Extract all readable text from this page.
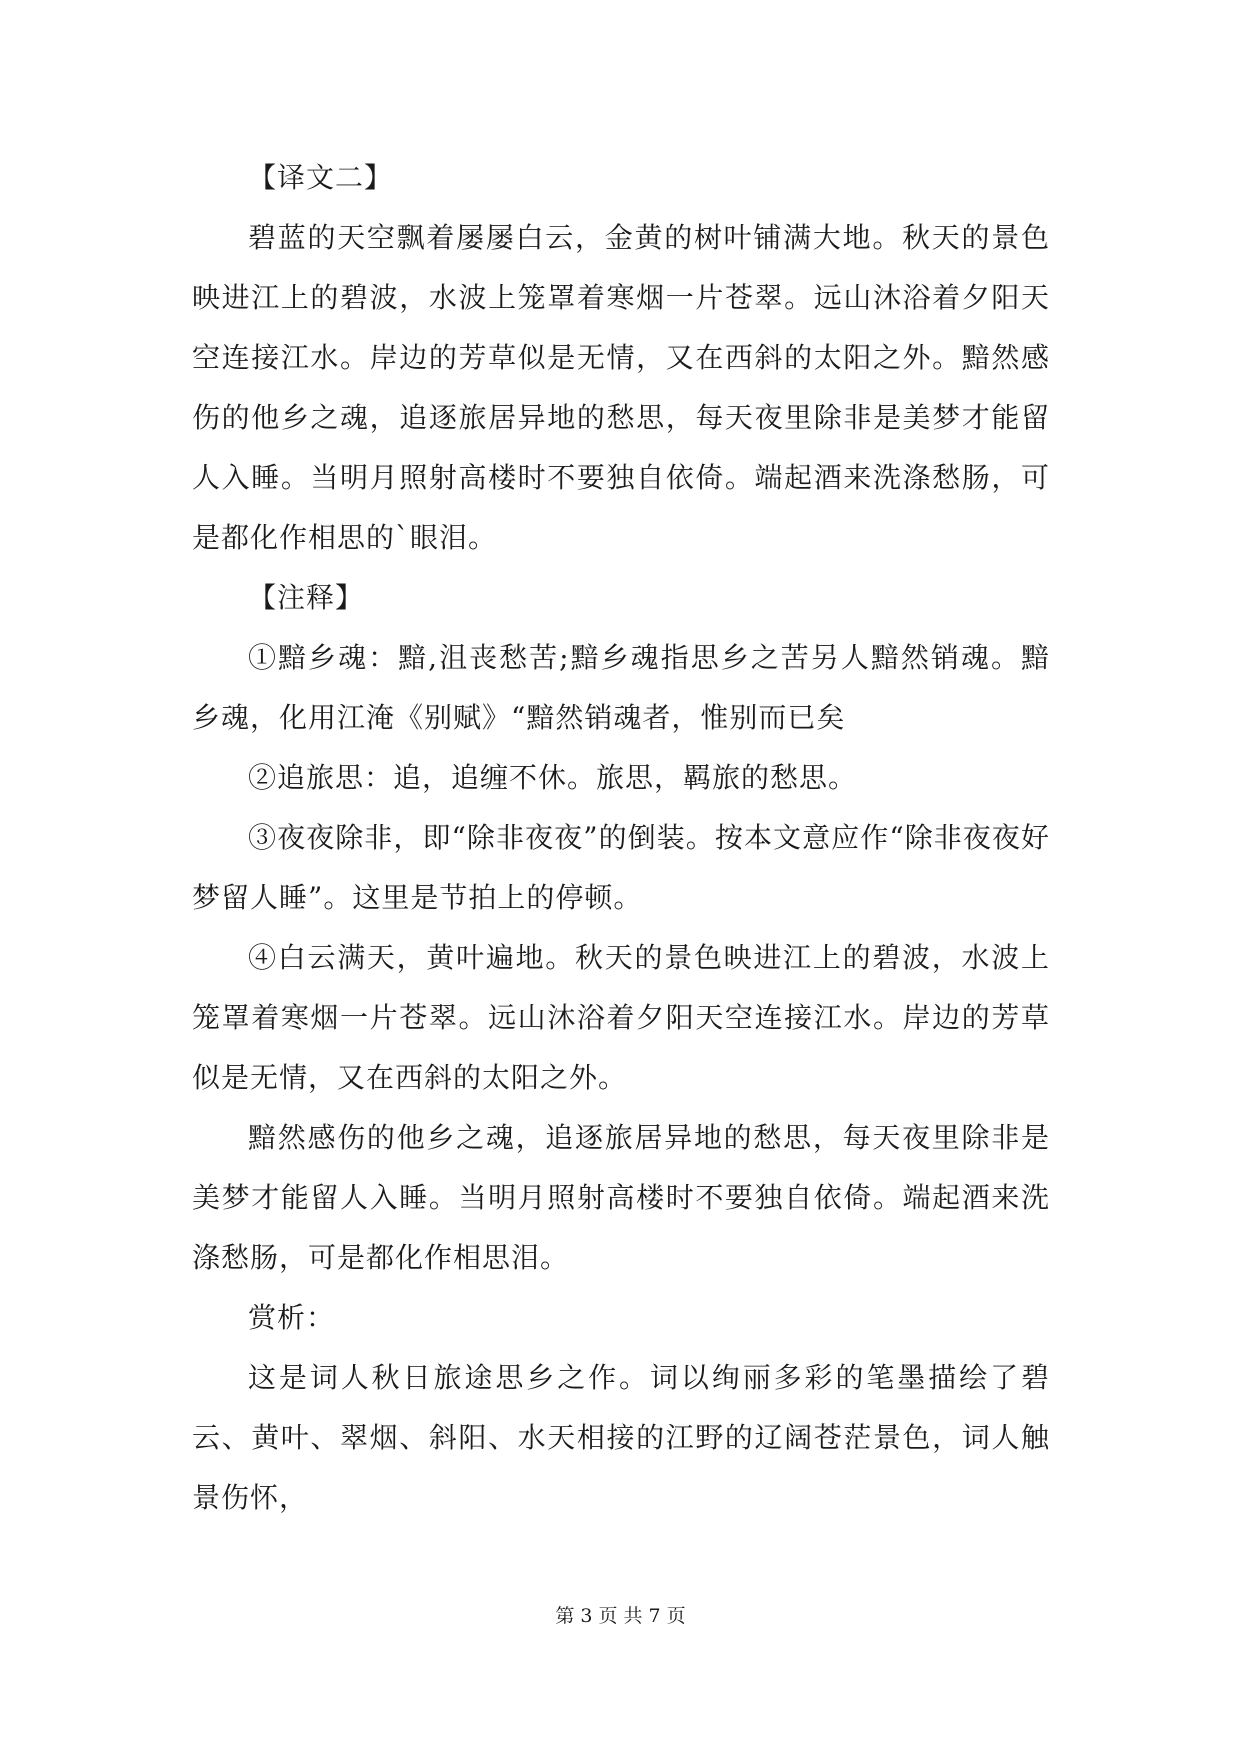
【译文二】

碧蓝的天空飘着屡屡白云，金黄的树叶铺满大地。秋天的景色映进江上的碧波，水波上笼罩着寒烟一片苍翠。远山沐浴着夕阳天空连接江水。岸边的芳草似是无情，又在西斜的太阳之外。黯然感伤的他乡之魂，追逐旅居异地的愁思，每天夜里除非是美梦才能留人入睡。当明月照射高楼时不要独自依倚。端起酒来洗涤愁肠，可是都化作相思的`眼泪。

【注释】

①黯乡魂：黯,沮丧愁苦;黯乡魂指思乡之苦另人黯然销魂。黯乡魂，化用江淹《别赋》“黯然销魂者，惟别而已矣

②追旅思：追，追缠不休。旅思，羁旅的愁思。

③夜夜除非，即“除非夜夜”的倒装。按本文意应作“除非夜夜好梦留人睡”。这里是节拍上的停顿。

④白云满天，黄叶遍地。秋天的景色映进江上的碧波，水波上笼罩着寒烟一片苍翠。远山沐浴着夕阳天空连接江水。岸边的芳草似是无情，又在西斜的太阳之外。

黯然感伤的他乡之魂，追逐旅居异地的愁思，每天夜里除非是美梦才能留人入睡。当明月照射高楼时不要独自依倚。端起酒来洗涤愁肠，可是都化作相思泪。

赏析：

这是词人秋日旅途思乡之作。词以绚丽多彩的笔墨描绘了碧云、黄叶、翠烟、斜阳、水天相接的江野的辽阔苍茫景色，词人触景伤怀，

第 3 页 共 7 页
